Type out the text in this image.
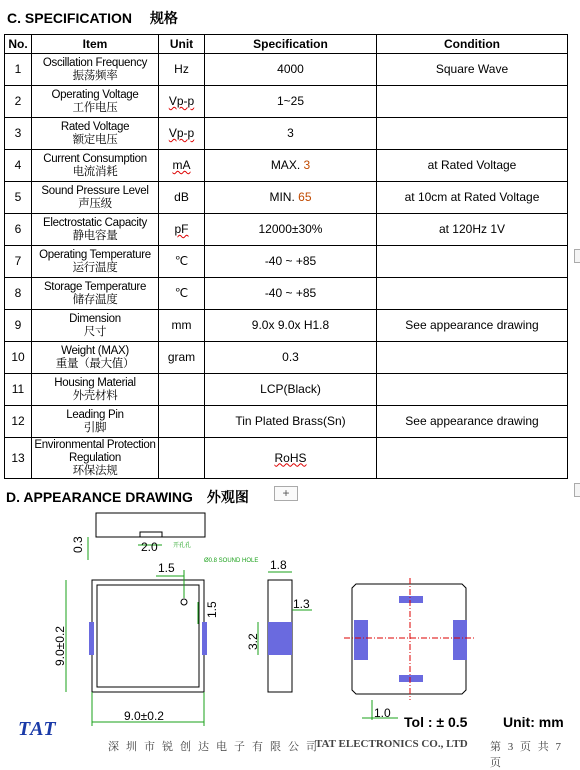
C. SPECIFICATION　 规格
No.	Item	Unit	Specification	Condition
1	Oscillation Frequency
振荡频率	Hz	4000	Square Wave
2	Operating Voltage
工作电压	Vp-p	1~25	
3	Rated Voltage
额定电压	Vp-p	3	
4	Current Consumption
电流消耗	mA	MAX. 3	at Rated Voltage
5	Sound Pressure Level
声压级	dB	MIN. 65	at 10cm at Rated Voltage
6	Electrostatic Capacity
静电容量	pF	12000±30%	at 120Hz 1V
7	Operating Temperature
运行温度	℃	-40 ~ +85	
8	Storage Temperature
储存温度	℃	-40 ~ +85	
9	Dimension
尺寸	mm	9.0x 9.0x H1.8	See appearance drawing
10	Weight (MAX)
重量（最大值）	gram	0.3	
11	Housing Material
外壳材料		LCP(Black)	
12	Leading Pin
引脚		Tin Plated Brass(Sn)	See appearance drawing
13	Environmental Protection Regulation
环保法规		RoHS	
D. APPEARANCE DRAWING　外观图	+
0.3	2.0	开孔孔
1.5	Ø0.8 SOUND HOLE
1.5
9.0±0.2
9.0±0.2
1.8
1.3
3.2
1.0
Tol : ± 0.5	Unit: mm
TAT
深圳市锐创达电子有限公司
TAT ELECTRONICS CO., LTD 第 3 页 共 7 页
